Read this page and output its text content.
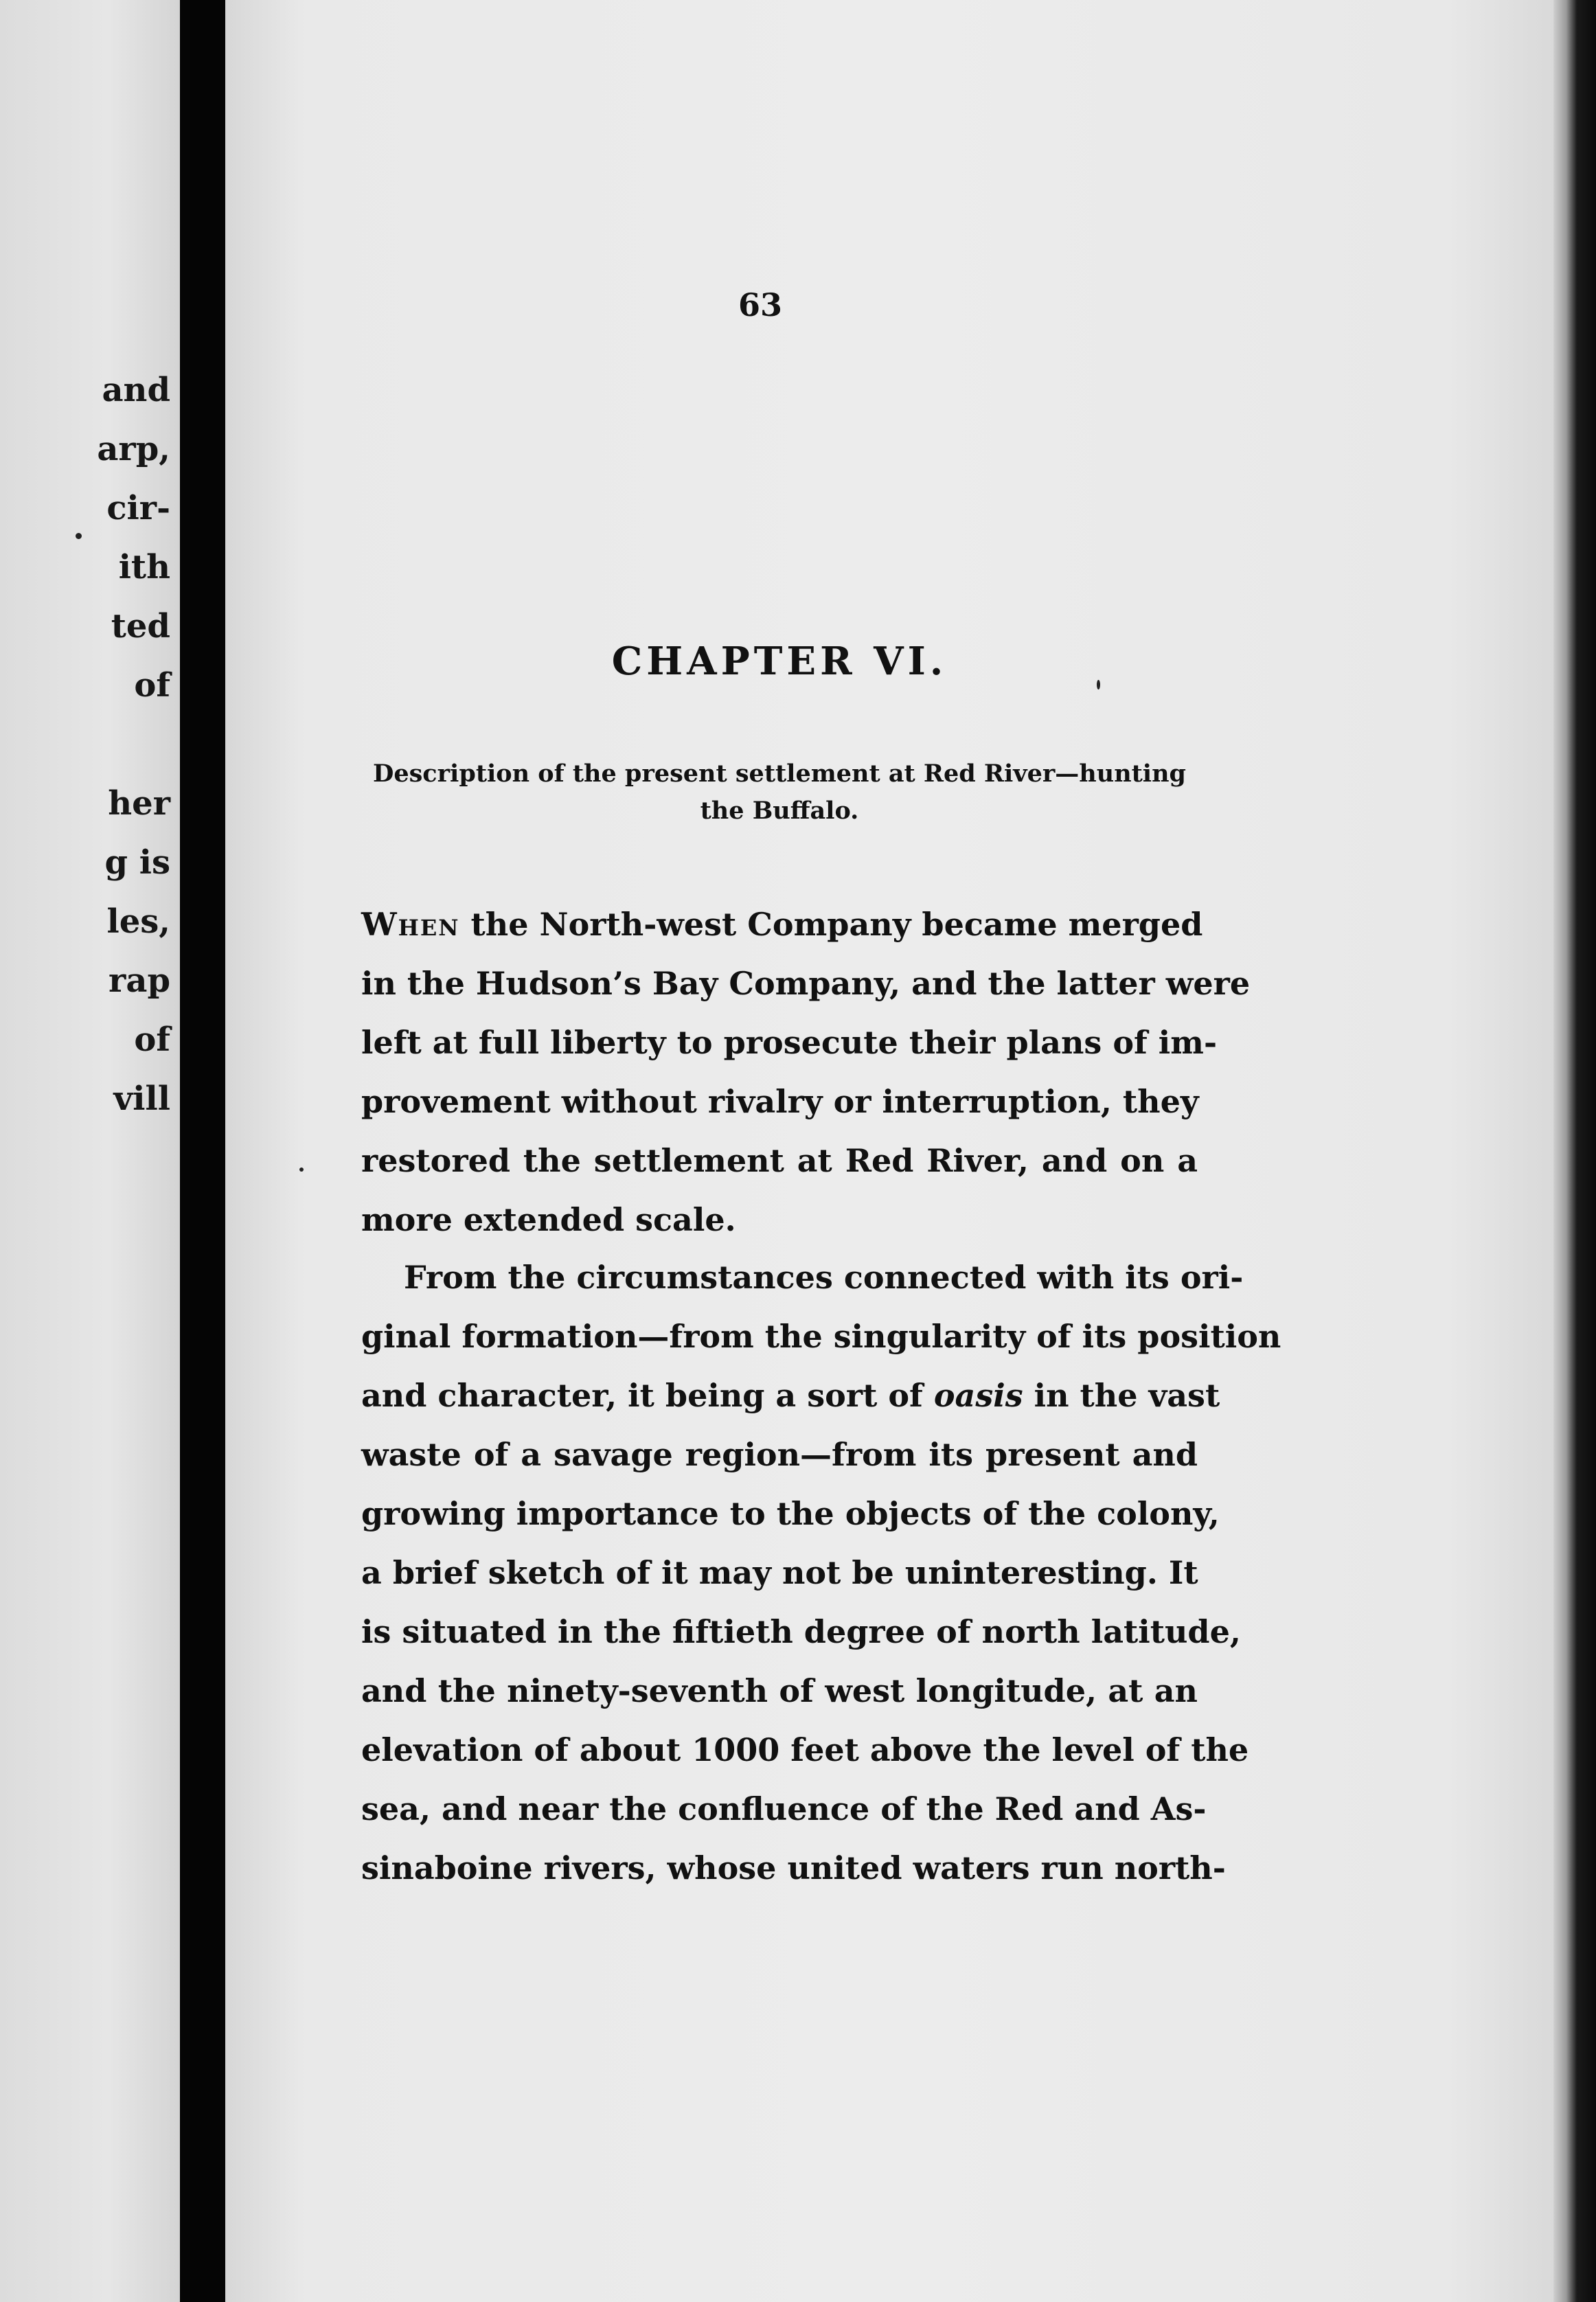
and
arp,
cir-
ith
ted
of
her
g is
les,
rap
of
vill
63
CHAPTER VI.
Description of the present settlement at Red River—hunting the Buffalo.
When the North-west Company became merged
in the Hudson’s Bay Company, and the latter were
left at full liberty to prosecute their plans of im-
provement without rivalry or interruption, they
restored the settlement at Red River, and on a
more extended scale.
From the circumstances connected with its ori-
ginal formation—from the singularity of its position
and character, it being a sort of oasis in the vast
waste of a savage region—from its present and
growing importance to the objects of the colony,
a brief sketch of it may not be uninteresting. It
is situated in the fiftieth degree of north latitude,
and the ninety-seventh of west longitude, at an
elevation of about 1000 feet above the level of the
sea, and near the confluence of the Red and As-
sinaboine rivers, whose united waters run north-
